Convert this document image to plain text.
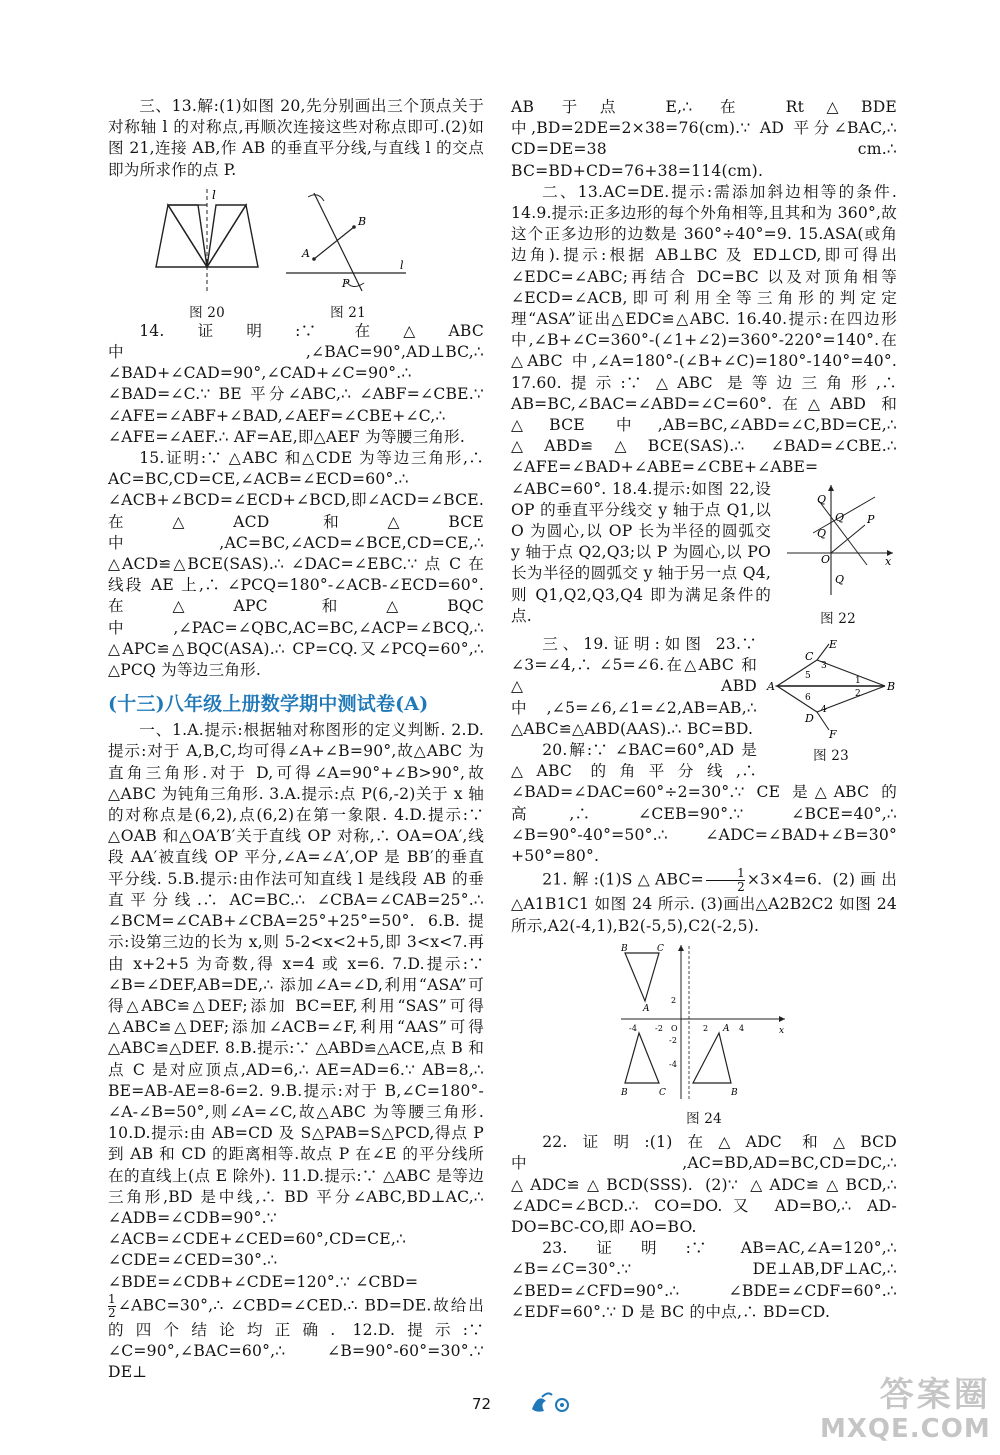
三、13.解:(1)如图 20,先分别画出三个顶点关于对称轴 l 的对称点,再顺次连接这些对称点即可.(2)如图 21,连接 AB,作 AB 的垂直平分线,与直线 l 的交点即为所求作的点 P.

l
图 20
A
B
P
l
图 21

14.证明:∵ 在△ABC 中,∠BAC=90°,AD⊥BC,∴ ∠BAD+∠CAD=90°,∠CAD+∠C=90°.∴ ∠BAD=∠C.∵ BE 平分∠ABC,∴ ∠ABF=∠CBE.∵ ∠AFE=∠ABF+∠BAD,∠AEF=∠CBE+∠C,∴ ∠AFE=∠AEF.∴ AF=AE,即△AEF 为等腰三角形.

15.证明:∵ △ABC 和△CDE 为等边三角形,∴ AC=BC,CD=CE,∠ACB=∠ECD=60°.∴ ∠ACB+∠BCD=∠ECD+∠BCD,即∠ACD=∠BCE.在△ACD 和△BCE 中,AC=BC,∠ACD=∠BCE,CD=CE,∴ △ACD≌△BCE(SAS).∴ ∠DAC=∠EBC.∵ 点 C 在线段 AE 上,∴ ∠PCQ=180°-∠ACB-∠ECD=60°.在△APC 和△BQC 中,∠PAC=∠QBC,AC=BC,∠ACP=∠BCQ,∴ △APC≌△BQC(ASA).∴ CP=CQ.又∠PCQ=60°,∴ △PCQ 为等边三角形.

(十三)八年级上册数学期中测试卷(A)

一、1.A.提示:根据轴对称图形的定义判断. 2.D.提示:对于 A,B,C,均可得∠A+∠B=90°,故△ABC 为直角三角形.对于 D,可得∠A=90°+∠B>90°,故△ABC 为钝角三角形. 3.A.提示:点 P(6,-2)关于 x 轴的对称点是(6,2),点(6,2)在第一象限. 4.D.提示:∵ △OAB 和△OA′B′关于直线 OP 对称,∴ OA=OA′,线段 AA′被直线 OP 平分,∠A=∠A′,OP 是 BB′的垂直平分线. 5.B.提示:由作法可知直线 l 是线段 AB 的垂直平分线.∴ AC=BC.∴ ∠CBA=∠CAB=25°.∴ ∠BCM=∠CAB+∠CBA=25°+25°=50°. 6.B.提示:设第三边的长为 x,则 5-2<x<2+5,即 3<x<7.再由 x+2+5 为奇数,得 x=4 或 x=6. 7.D.提示:∵ ∠B=∠DEF,AB=DE,∴ 添加∠A=∠D,利用“ASA”可得△ABC≌△DEF;添加 BC=EF,利用“SAS”可得△ABC≌△DEF;添加∠ACB=∠F,利用“AAS”可得△ABC≌△DEF. 8.B.提示:∵ △ABD≌△ACE,点 B 和点 C 是对应顶点,AD=6,∴ AE=AD=6.∵ AB=8,∴ BE=AB-AE=8-6=2. 9.B.提示:对于 B,∠C=180°-∠A-∠B=50°,则∠A=∠C,故△ABC 为等腰三角形. 10.D.提示:由 AB=CD 及 S△PAB=S△PCD,得点 P 到 AB 和 CD 的距离相等.故点 P 在∠E 的平分线所在的直线上(点 E 除外). 11.D.提示:∵ △ABC 是等边三角形,BD 是中线,∴ BD 平分∠ABC,BD⊥AC,∴ ∠ADB=∠CDB=90°.∵ ∠ACB=∠CDE+∠CED=60°,CD=CE,∴ ∠CDE=∠CED=30°.∴ ∠BDE=∠CDB+∠CDE=120°.∵ ∠CBD=

$\frac{1}{2}$ ∠ABC=30°,∴ ∠CBD=∠CED.∴ BD=DE.故给出的四个结论均正确. 12.D.提示:∵ ∠C=90°,∠BAC=60°,∴ ∠B=90°-60°=30°.∵ DE⊥

AB 于点 E,∴ 在 Rt△BDE 中,BD=2DE=2×38=76(cm).∵ AD 平分∠BAC,∴ CD=DE=38 cm.∴ BC=BD+CD=76+38=114(cm).

二、13.AC=DE.提示:需添加斜边相等的条件. 14.9.提示:正多边形的每个外角相等,且其和为 360°,故这个正多边形的边数是 360°÷40°=9. 15.ASA(或角边角).提示:根据 AB⊥BC 及 ED⊥CD,即可得出∠EDC=∠ABC;再结合 DC=BC 以及对顶角相等∠ECD=∠ACB,即可利用全等三角形的判定定理“ASA”证出△EDC≌△ABC. 16.40.提示:在四边形中,∠B+∠C=360°-(∠1+∠2)=360°-220°=140°.在△ABC 中,∠A=180°-(∠B+∠C)=180°-140°=40°. 17.60.提示:∵ △ABC 是等边三角形,∴ AB=BC,∠BAC=∠ABD=∠C=60°.在△ABD 和△BCE 中,AB=BC,∠ABD=∠C,BD=CE,∴ △ABD≌△BCE(SAS).∴ ∠BAD=∠CBE.∴ ∠AFE=∠BAD+∠ABE=∠CBE+∠ABE=

Q
Q
Q
Q
P
O	x
图 22

∠ABC=60°. 18.4.提示:如图 22,设 OP 的垂直平分线交 y 轴于点 Q1,以 O 为圆心,以 OP 长为半径的圆弧交 y 轴于点 Q2,Q3;以 P 为圆心,以 PO 长为半径的圆弧交 y 轴于另一点 Q4,则 Q1,Q2,Q3,Q4 即为满足条件的点.

A	B
C
D
E
F
1
2
3
4
5
6
图 23

三、19.证明:如图 23.∵ ∠3=∠4,∴ ∠5=∠6.在△ABC 和△ABD 中,∠5=∠6,∠1=∠2,AB=AB,∴ △ABC≌△ABD(AAS).∴ BC=BD.

20.解:∵ ∠BAC=60°,AD 是△ABC 的角平分线,∴ ∠BAD=∠DAC=60°÷2=30°.∵ CE 是△ABC 的高,∴ ∠CEB=90°.∵ ∠BCE=40°,∴ ∠B=90°-40°=50°.∴ ∠ADC=∠BAD+∠B=30°+50°=80°.

21.解:(1)S△ABC= $\frac{1}{2} \times 3\times 4=6$. (2)画出△A1B1C1 如图 24 所示. (3)画出△A2B2C2 如图 24 所示,A2(-4,1),B2(-5,5),C2(-2,5).

B	C
A
B	C
A
B
x
O
-4 -2	2	4
2
-2
-4
图 24

22.证明:(1)在△ADC 和△BCD 中,AC=BD,AD=BC,CD=DC,∴ △ADC≌△BCD(SSS). (2)∵ △ADC≌△BCD,∴ ∠ADC=∠BCD.∴ CO=DO.又 AD=BO,∴ AD-DO=BC-CO,即 AO=BO.

23.证明:∵ AB=AC,∠A=120°,∴ ∠B=∠C=30°.∵ DE⊥AB,DF⊥AC,∴ ∠BED=∠CFD=90°.∴ ∠BDE=∠CDF=60°.∴ ∠EDF=60°.∵ D 是 BC 的中点,∴ BD=CD.

72	答案圈
MXQE.COM
